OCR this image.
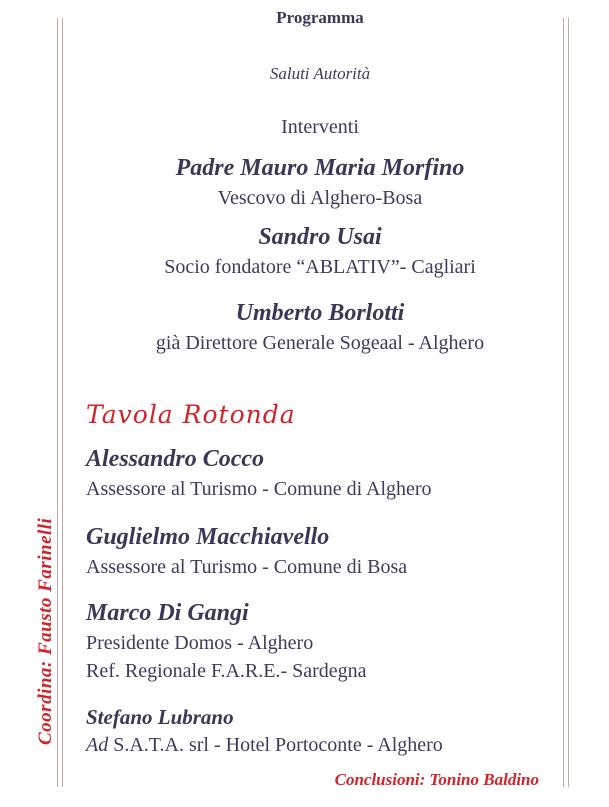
Programma
Saluti Autorità
Interventi
Padre Mauro Maria Morfino
Vescovo di Alghero-Bosa
Sandro Usai
Socio fondatore “ABLATIV”- Cagliari
Umberto Borlotti
già Direttore Generale Sogeaal - Alghero
Tavola Rotonda
Alessandro Cocco
Assessore al Turismo - Comune di Alghero
Guglielmo Macchiavello
Assessore al Turismo - Comune di Bosa
Marco Di Gangi
Presidente Domos - Alghero
Ref. Regionale F.A.R.E.- Sardegna
Stefano Lubrano
Ad S.A.T.A. srl - Hotel Portoconte - Alghero
Coordina: Fausto Farinelli
Conclusioni: Tonino Baldino
